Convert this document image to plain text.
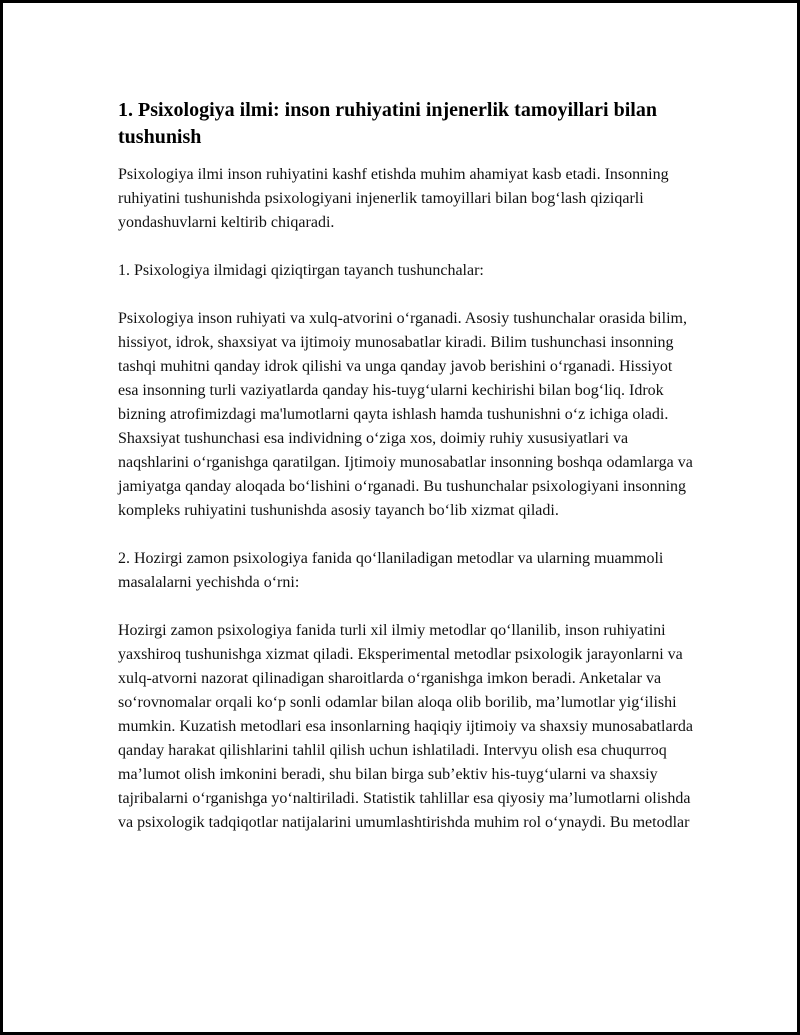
1. Psixologiya ilmi: inson ruhiyatini injenerlik tamoyillari bilan tushunish

Psixologiya ilmi inson ruhiyatini kashf etishda muhim ahamiyat kasb etadi. Insonning ruhiyatini tushunishda psixologiyani injenerlik tamoyillari bilan bog‘lash qiziqarli yondashuvlarni keltirib chiqaradi.

1. Psixologiya ilmidagi qiziqtirgan tayanch tushunchalar:

Psixologiya inson ruhiyati va xulq-atvorini o‘rganadi. Asosiy tushunchalar orasida bilim, hissiyot, idrok, shaxsiyat va ijtimoiy munosabatlar kiradi. Bilim tushunchasi insonning tashqi muhitni qanday idrok qilishi va unga qanday javob berishini o‘rganadi. Hissiyot esa insonning turli vaziyatlarda qanday his-tuyg‘ularni kechirishi bilan bog‘liq. Idrok bizning atrofimizdagi ma'lumotlarni qayta ishlash hamda tushunishni o‘z ichiga oladi. Shaxsiyat tushunchasi esa individning o‘ziga xos, doimiy ruhiy xususiyatlari va naqshlarini o‘rganishga qaratilgan. Ijtimoiy munosabatlar insonning boshqa odamlarga va jamiyatga qanday aloqada bo‘lishini o‘rganadi. Bu tushunchalar psixologiyani insonning kompleks ruhiyatini tushunishda asosiy tayanch bo‘lib xizmat qiladi.

2. Hozirgi zamon psixologiya fanida qo‘llaniladigan metodlar va ularning muammoli masalalarni yechishda o‘rni:

Hozirgi zamon psixologiya fanida turli xil ilmiy metodlar qo‘llanilib, inson ruhiyatini yaxshiroq tushunishga xizmat qiladi. Eksperimental metodlar psixologik jarayonlarni va xulq-atvorni nazorat qilinadigan sharoitlarda o‘rganishga imkon beradi. Anketalar va so‘rovnomalar orqali ko‘p sonli odamlar bilan aloqa olib borilib, ma’lumotlar yig‘ilishi mumkin. Kuzatish metodlari esa insonlarning haqiqiy ijtimoiy va shaxsiy munosabatlarda qanday harakat qilishlarini tahlil qilish uchun ishlatiladi. Intervyu olish esa chuqurroq ma’lumot olish imkonini beradi, shu bilan birga sub’ektiv his-tuyg‘ularni va shaxsiy tajribalarni o‘rganishga yo‘naltiriladi. Statistik tahlillar esa qiyosiy ma’lumotlarni olishda va psixologik tadqiqotlar natijalarini umumlashtirishda muhim rol o‘ynaydi. Bu metodlar
